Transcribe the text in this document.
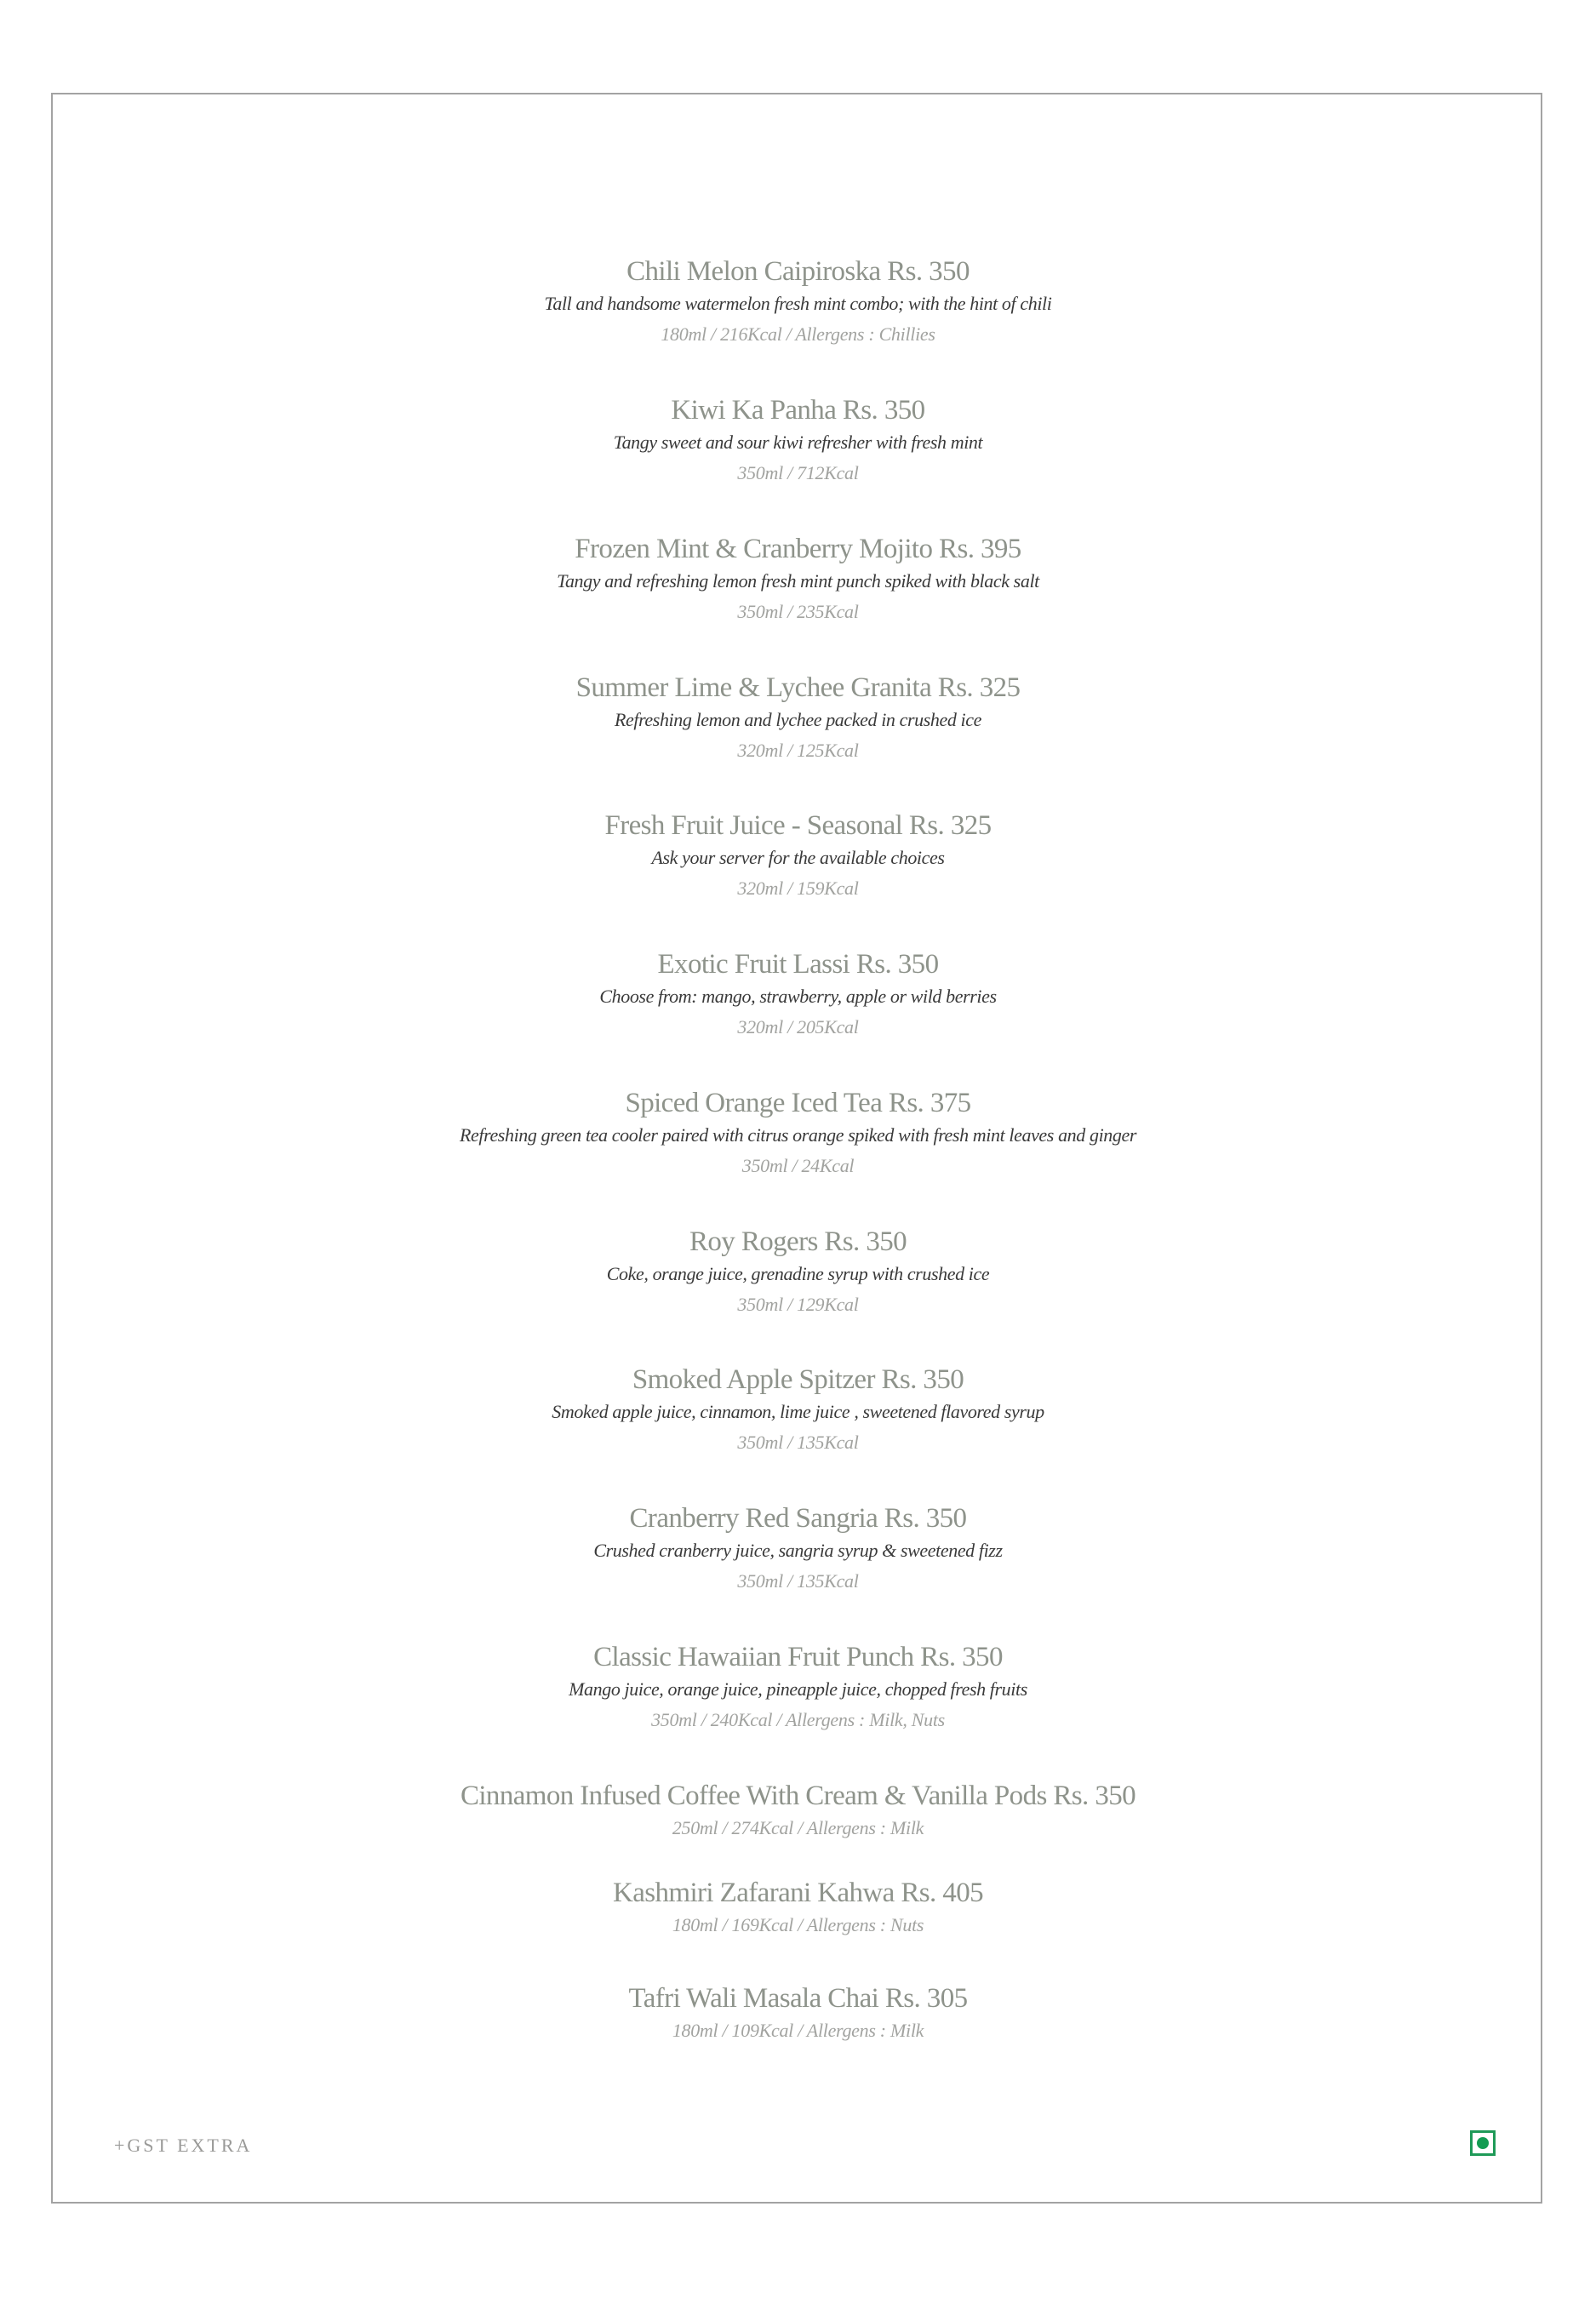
Chili Melon Caipiroska Rs. 350
Tall and handsome watermelon fresh mint combo; with the hint of chili
180ml / 216Kcal / Allergens : Chillies
Kiwi Ka Panha Rs. 350
Tangy sweet and sour kiwi refresher with fresh mint
350ml / 712Kcal
Frozen Mint & Cranberry Mojito Rs. 395
Tangy and refreshing lemon fresh mint punch spiked with black salt
350ml / 235Kcal
Summer Lime & Lychee Granita Rs. 325
Refreshing lemon and lychee packed in crushed ice
320ml / 125Kcal
Fresh Fruit Juice - Seasonal Rs. 325
Ask your server for the available choices
320ml / 159Kcal
Exotic Fruit Lassi Rs. 350
Choose from: mango, strawberry, apple or wild berries
320ml / 205Kcal
Spiced Orange Iced Tea Rs. 375
Refreshing green tea cooler paired with citrus orange spiked with fresh mint leaves and ginger
350ml / 24Kcal
Roy Rogers Rs. 350
Coke, orange juice, grenadine syrup with crushed ice
350ml / 129Kcal
Smoked Apple Spitzer Rs. 350
Smoked apple juice, cinnamon, lime juice , sweetened flavored syrup
350ml / 135Kcal
Cranberry Red Sangria Rs. 350
Crushed cranberry juice, sangria syrup & sweetened fizz
350ml / 135Kcal
Classic Hawaiian Fruit Punch Rs. 350
Mango juice, orange juice, pineapple juice, chopped fresh fruits
350ml / 240Kcal / Allergens : Milk, Nuts
Cinnamon Infused Coffee With Cream & Vanilla Pods Rs. 350
250ml / 274Kcal / Allergens : Milk
Kashmiri Zafarani Kahwa Rs. 405
180ml / 169Kcal / Allergens : Nuts
Tafri Wali Masala Chai Rs. 305
180ml / 109Kcal / Allergens : Milk
+GST EXTRA
